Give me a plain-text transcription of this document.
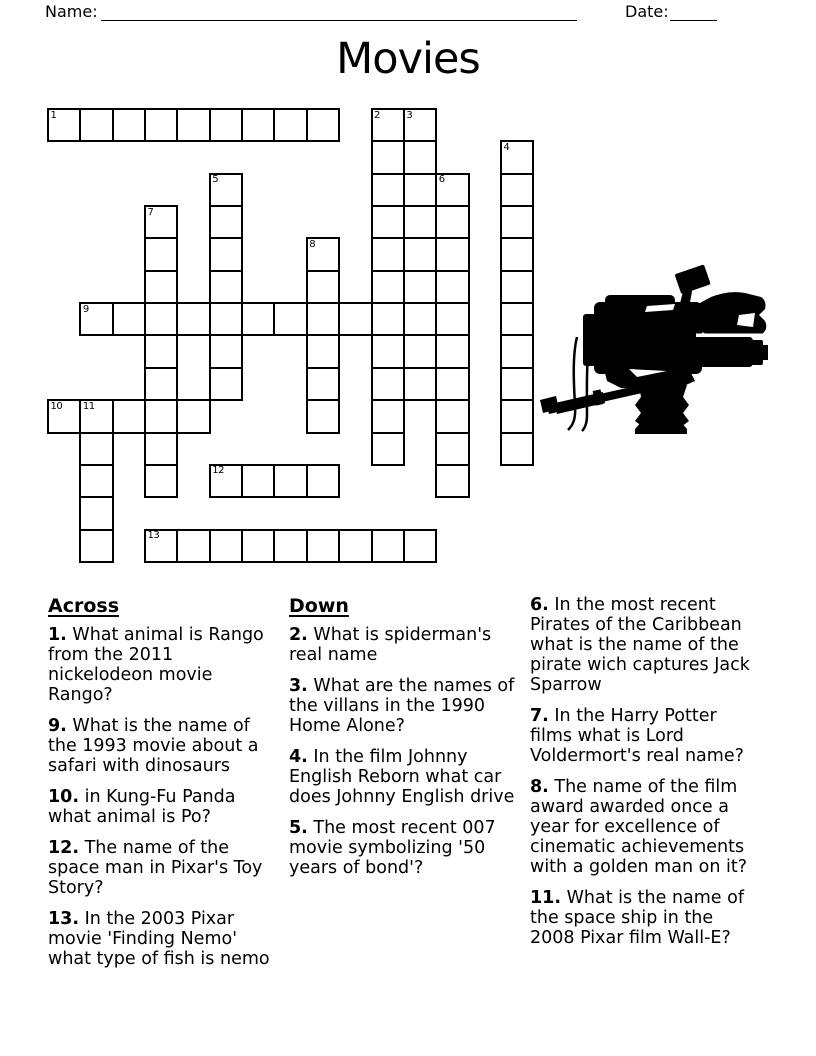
Name:	Date:
Movies
1	2	3
4
5	6
7
8
9
10 11
12
13
Across
1. What animal is Rango from the 2011 nickelodeon movie Rango?
9. What is the name of the 1993 movie about a safari with dinosaurs
10. in Kung-Fu Panda what animal is Po?
12. The name of the space man in Pixar's Toy Story?
13. In the 2003 Pixar movie 'Finding Nemo' what type of fish is nemo
Down
2. What is spiderman's real name
3. What are the names of the villans in the 1990 Home Alone?
4. In the film Johnny English Reborn what car does Johnny English drive
5. The most recent 007 movie symbolizing '50 years of bond'?
6. In the most recent Pirates of the Caribbean what is the name of the pirate wich captures Jack Sparrow
7. In the Harry Potter films what is Lord Voldermort's real name?
8. The name of the film award awarded once a year for excellence of cinematic achievements with a golden man on it?
11. What is the name of the space ship in the 2008 Pixar film Wall-E?
